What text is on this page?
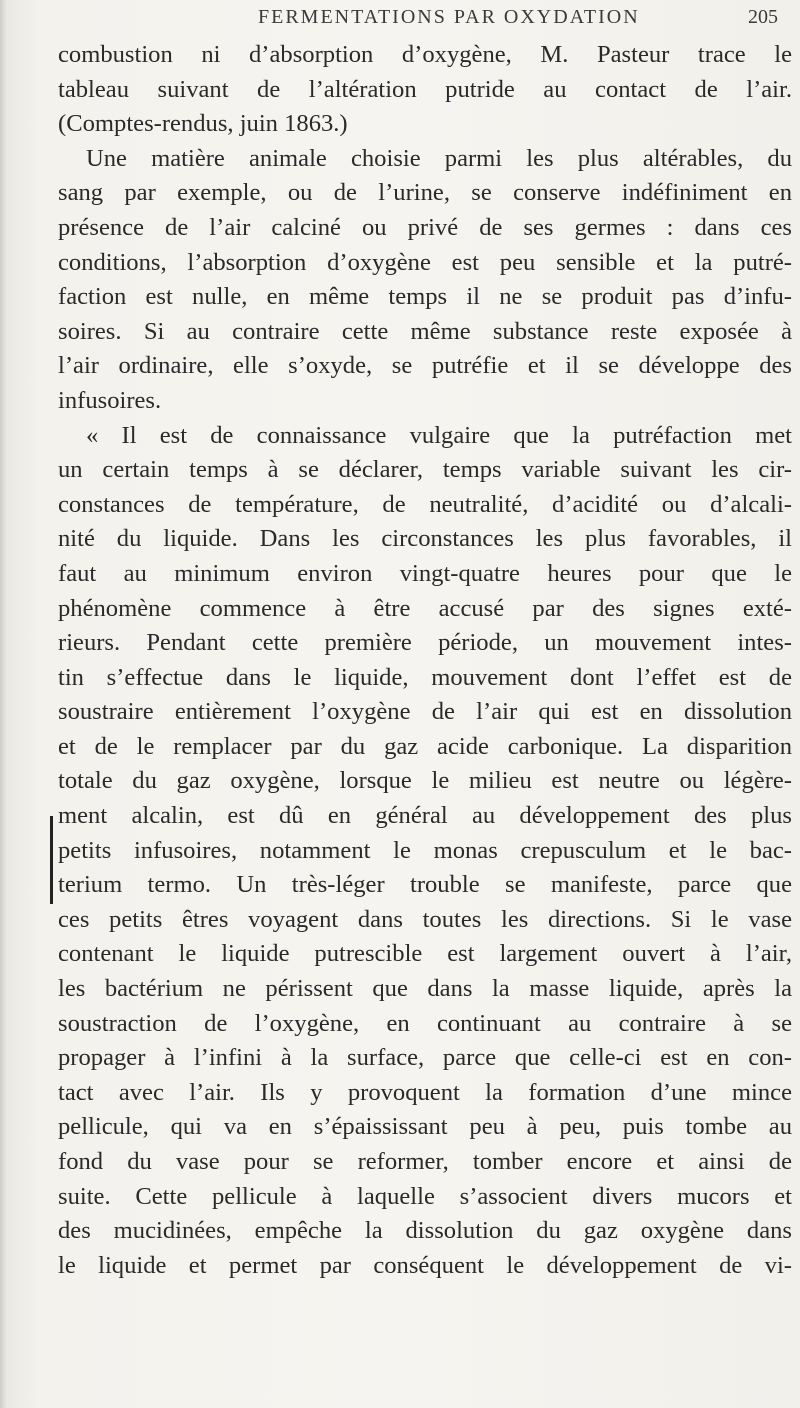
FERMENTATIONS PAR OXYDATION	205
combustion ni d’absorption d’oxygène, M. Pasteur trace le
tableau suivant de l’altération putride au contact de l’air.
(Comptes-rendus, juin 1863.)
Une matière animale choisie parmi les plus altérables, du
sang par exemple, ou de l’urine, se conserve indéfiniment en
présence de l’air calciné ou privé de ses germes : dans ces
conditions, l’absorption d’oxygène est peu sensible et la putré-
faction est nulle, en même temps il ne se produit pas d’infu-
soires. Si au contraire cette même substance reste exposée à
l’air ordinaire, elle s’oxyde, se putréfie et il se développe des
infusoires.
« Il est de connaissance vulgaire que la putréfaction met
un certain temps à se déclarer, temps variable suivant les cir-
constances de température, de neutralité, d’acidité ou d’alcali-
nité du liquide. Dans les circonstances les plus favorables, il
faut au minimum environ vingt-quatre heures pour que le
phénomène commence à être accusé par des signes exté-
rieurs. Pendant cette première période, un mouvement intes-
tin s’effectue dans le liquide, mouvement dont l’effet est de
soustraire entièrement l’oxygène de l’air qui est en dissolution
et de le remplacer par du gaz acide carbonique. La disparition
totale du gaz oxygène, lorsque le milieu est neutre ou légère-
ment alcalin, est dû en général au développement des plus
petits infusoires, notamment le monas crepusculum et le bac-
terium termo. Un très-léger trouble se manifeste, parce que
ces petits êtres voyagent dans toutes les directions. Si le vase
contenant le liquide putrescible est largement ouvert à l’air,
les bactérium ne périssent que dans la masse liquide, après la
soustraction de l’oxygène, en continuant au contraire à se
propager à l’infini à la surface, parce que celle-ci est en con-
tact avec l’air. Ils y provoquent la formation d’une mince
pellicule, qui va en s’épaississant peu à peu, puis tombe au
fond du vase pour se reformer, tomber encore et ainsi de
suite. Cette pellicule à laquelle s’associent divers mucors et
des mucidinées, empêche la dissolution du gaz oxygène dans
le liquide et permet par conséquent le développement de vi-
